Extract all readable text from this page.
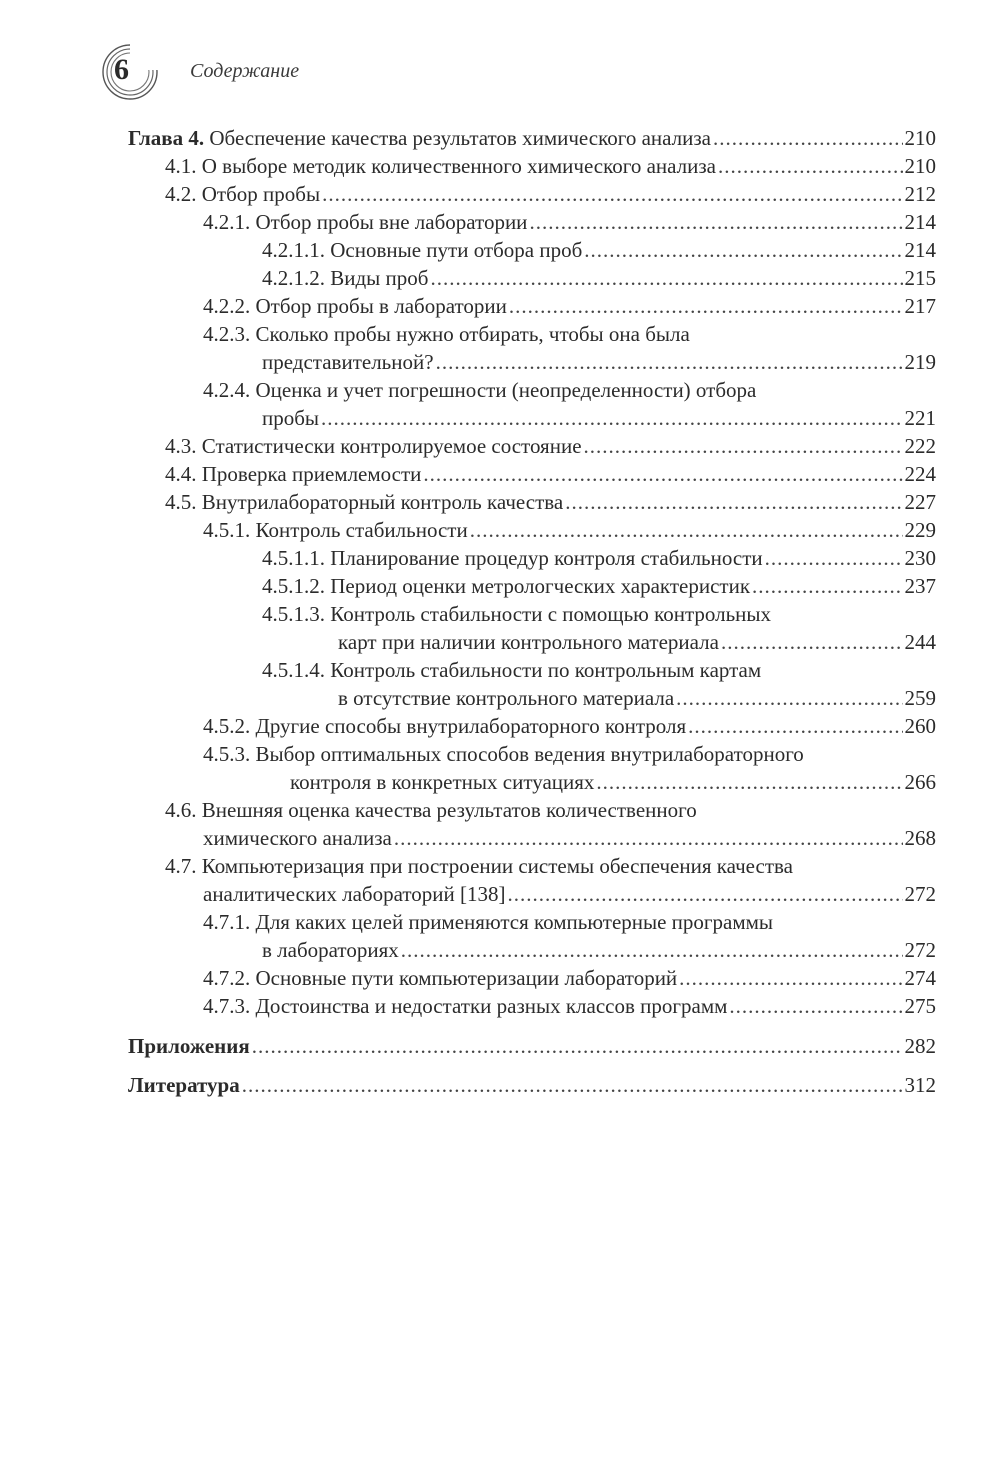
6	Содержание
Глава 4. Обеспечение качества результатов химического анализа .....	210
4.1. О выборе методик количественного химического анализа .....	210
4.2. Отбор пробы .....	212
4.2.1. Отбор пробы вне лаборатории .....	214
4.2.1.1. Основные пути отбора проб .....	214
4.2.1.2. Виды проб .....	215
4.2.2. Отбор пробы в лаборатории .....	217
4.2.3. Сколько пробы нужно отбирать, чтобы она была
представительной? .....	219
4.2.4. Оценка и учет погрешности (неопределенности) отбора
пробы .....	221
4.3. Статистически контролируемое состояние .....	222
4.4. Проверка приемлемости .....	224
4.5. Внутрилабораторный контроль качества .....	227
4.5.1. Контроль стабильности .....	229
4.5.1.1. Планирование процедур контроля стабильности .....	230
4.5.1.2. Период оценки метрологческих характеристик .....	237
4.5.1.3. Контроль стабильности с помощью контрольных
карт при наличии контрольного материала .....	244
4.5.1.4. Контроль стабильности по контрольным картам
в отсутствие контрольного материала .....	259
4.5.2. Другие способы внутрилабораторного контроля .....	260
4.5.3. Выбор оптимальных способов ведения внутрилабораторного
контроля в конкретных ситуациях .....	266
4.6. Внешняя оценка качества результатов количественного
химического анализа .....	268
4.7. Компьютеризация при построении системы обеспечения качества
аналитических лабораторий [138] .....	272
4.7.1. Для каких целей применяются компьютерные программы
в лабораториях .....	272
4.7.2. Основные пути компьютеризации лабораторий .....	274
4.7.3. Достоинства и недостатки разных классов программ .....	275
Приложения .....	282
Литература .....	312
